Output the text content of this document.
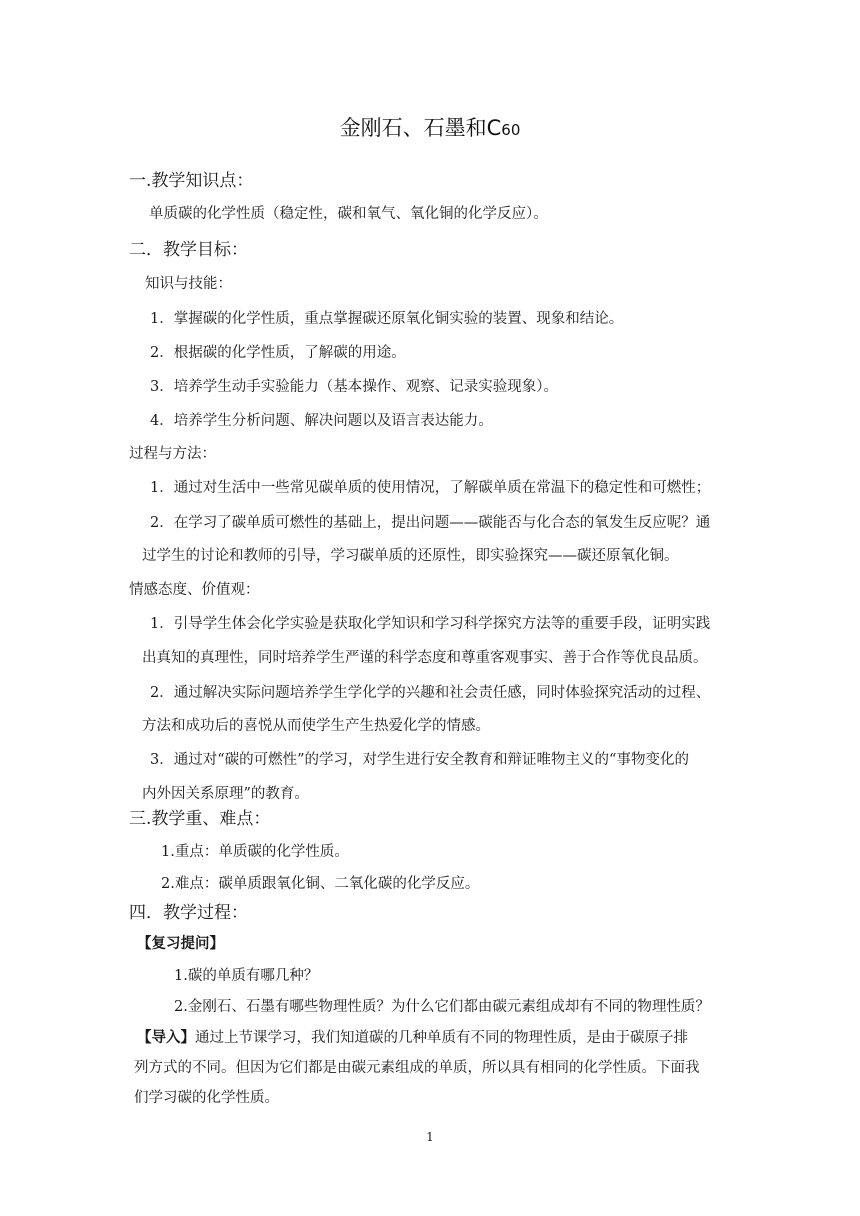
金刚石、石墨和C60
一.教学知识点：
单质碳的化学性质（稳定性，碳和氧气、氧化铜的化学反应）。
二．教学目标：
知识与技能：
1．掌握碳的化学性质，重点掌握碳还原氧化铜实验的装置、现象和结论。
2．根据碳的化学性质，了解碳的用途。
3．培养学生动手实验能力（基本操作、观察、记录实验现象）。
4．培养学生分析问题、解决问题以及语言表达能力。
过程与方法：
1．通过对生活中一些常见碳单质的使用情况，了解碳单质在常温下的稳定性和可燃性；
2．在学习了碳单质可燃性的基础上，提出问题——碳能否与化合态的氧发生反应呢？通
过学生的讨论和教师的引导，学习碳单质的还原性，即实验探究——碳还原氧化铜。
情感态度、价值观：
1．引导学生体会化学实验是获取化学知识和学习科学探究方法等的重要手段，证明实践
出真知的真理性，同时培养学生严谨的科学态度和尊重客观事实、善于合作等优良品质。
2．通过解决实际问题培养学生学化学的兴趣和社会责任感，同时体验探究活动的过程、
方法和成功后的喜悦从而使学生产生热爱化学的情感。
3．通过对“碳的可燃性”的学习，对学生进行安全教育和辩证唯物主义的“事物变化的
内外因关系原理”的教育。
三.教学重、难点：
1.重点：单质碳的化学性质。
2.难点：碳单质跟氧化铜、二氧化碳的化学反应。
四．教学过程：
【复习提问】
1.碳的单质有哪几种？
2.金刚石、石墨有哪些物理性质？为什么它们都由碳元素组成却有不同的物理性质？
【导入】通过上节课学习，我们知道碳的几种单质有不同的物理性质，是由于碳原子排
列方式的不同。但因为它们都是由碳元素组成的单质，所以具有相同的化学性质。下面我
们学习碳的化学性质。
1
